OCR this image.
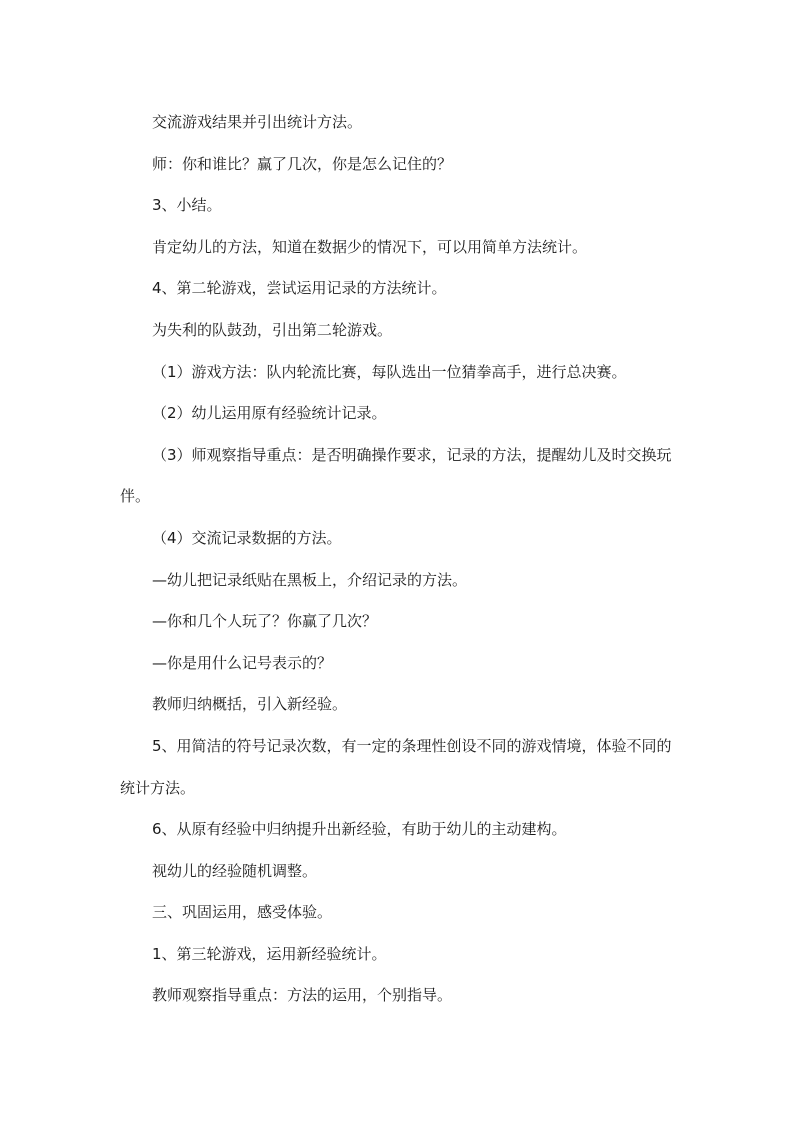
交流游戏结果并引出统计方法。

师：你和谁比？赢了几次，你是怎么记住的？

3、小结。

肯定幼儿的方法，知道在数据少的情况下，可以用简单方法统计。

4、第二轮游戏，尝试运用记录的方法统计。

为失利的队鼓劲，引出第二轮游戏。

（1）游戏方法：队内轮流比赛，每队选出一位猜拳高手，进行总决赛。

（2）幼儿运用原有经验统计记录。

（3）师观察指导重点：是否明确操作要求，记录的方法，提醒幼儿及时交换玩伴。

（4）交流记录数据的方法。

—幼儿把记录纸贴在黑板上，介绍记录的方法。

—你和几个人玩了？你赢了几次？

—你是用什么记号表示的？

教师归纳概括，引入新经验。

5、用简洁的符号记录次数，有一定的条理性创设不同的游戏情境，体验不同的统计方法。

6、从原有经验中归纳提升出新经验，有助于幼儿的主动建构。

视幼儿的经验随机调整。

三、巩固运用，感受体验。

1、第三轮游戏，运用新经验统计。

教师观察指导重点：方法的运用，个别指导。
